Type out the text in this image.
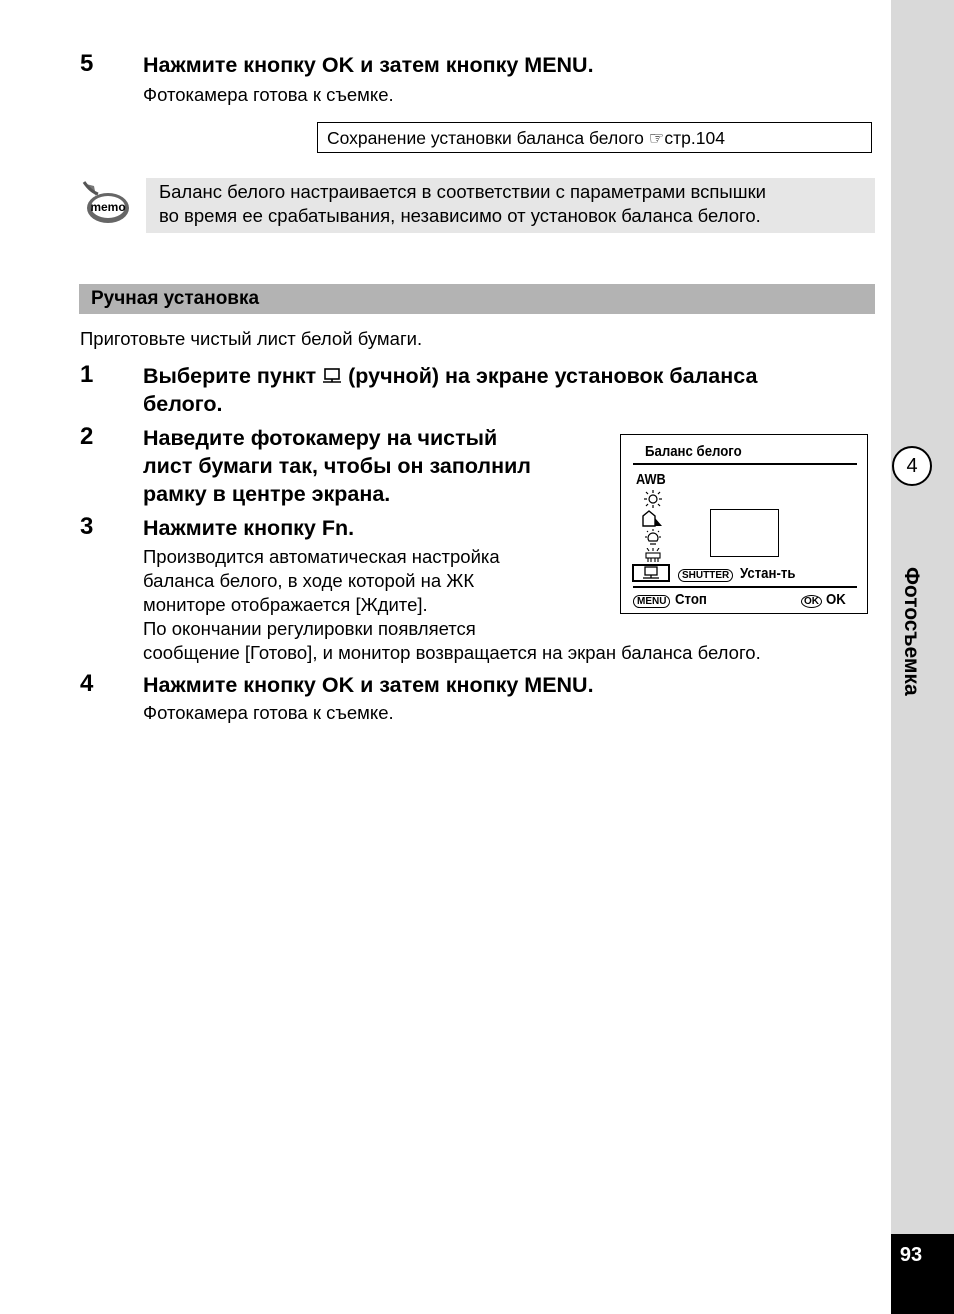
93
4
Фотосъемка
5 Нажмите кнопку OK и затем кнопку MENU.
Фотокамера готова к съемке.
Сохранение установки баланса белого ☞стр.104
memo
Баланс белого настраивается в соответствии с параметрами вспышки
во время ее срабатывания, независимо от установок баланса белого.
Ручная установка
Приготовьте чистый лист белой бумаги.
1 Выберите пункт (ручной) на экране установок баланса
белого.
2 Наведите фотокамеру на чистый
лист бумаги так, чтобы он заполнил
рамку в центре экрана.
3 Нажмите кнопку Fn.
Производится автоматическая настройка
баланса белого, в ходе которой на ЖК
мониторе отображается [Ждите].
По окончании регулировки появляется
сообщение [Готово], и монитор возвращается на экран баланса белого.
4 Нажмите кнопку OK и затем кнопку MENU.
Фотокамера готова к съемке.
Баланс белого
AWB
SHUTTER Устан-ть
MENU Стоп	OK OK
